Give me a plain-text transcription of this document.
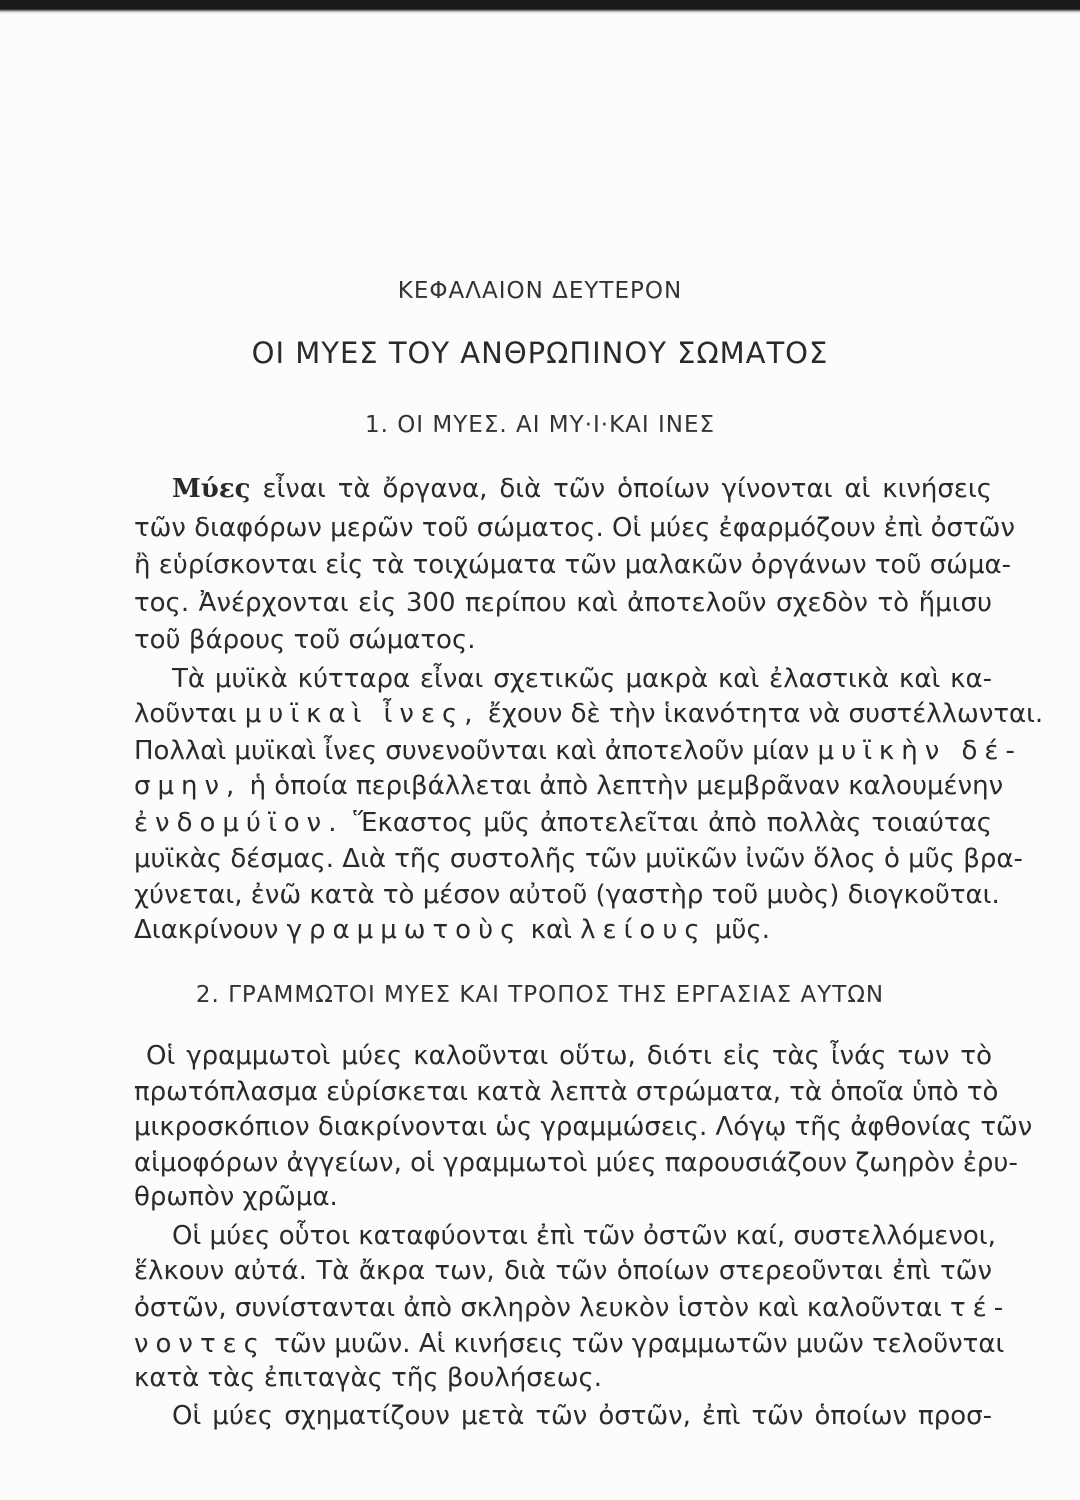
ΚΕΦΑΛΑΙΟΝ ΔΕΥΤΕΡΟΝ
ΟΙ ΜΥΕΣ ΤΟΥ ΑΝΘΡΩΠΙΝΟΥ ΣΩΜΑΤΟΣ
1. ΟΙ ΜΥΕΣ. ΑΙ ΜΥ·Ι·ΚΑΙ ΙΝΕΣ
Μύες εἶναι τὰ ὄργανα, διὰ τῶν ὁποίων γίνονται αἱ κινήσεις
τῶν διαφόρων μερῶν τοῦ σώματος. Οἱ μύες ἐφαρμόζουν ἐπὶ ὀστῶν
ἢ εὑρίσκονται εἰς τὰ τοιχώματα τῶν μαλακῶν ὀργάνων τοῦ σώμα-
τος. Ἀνέρχονται εἰς 300 περίπου καὶ ἀποτελοῦν σχεδὸν τὸ ἥμισυ
τοῦ βάρους τοῦ σώματος.
Τὰ μυϊκὰ κύτταρα εἶναι σχετικῶς μακρὰ καὶ ἐλαστικὰ καὶ κα-
λοῦνται μυϊκαὶ ἶνες, ἔχουν δὲ τὴν ἱκανότητα νὰ συστέλλωνται.
Πολλαὶ μυϊκαὶ ἶνες συνενοῦνται καὶ ἀποτελοῦν μίαν μυϊκὴν δέ-
σμην, ἡ ὁποία περιβάλλεται ἀπὸ λεπτὴν μεμβρᾶναν καλουμένην
ἐνδομύϊον. Ἕκαστος μῦς ἀποτελεῖται ἀπὸ πολλὰς τοιαύτας
μυϊκὰς δέσμας. Διὰ τῆς συστολῆς τῶν μυϊκῶν ἰνῶν ὅλος ὁ μῦς βρα-
χύνεται, ἐνῶ κατὰ τὸ μέσον αὐτοῦ (γαστὴρ τοῦ μυὸς) διογκοῦται.
Διακρίνουν γραμμωτοὺς καὶ λείους μῦς.
2. ΓΡΑΜΜΩΤΟΙ ΜΥΕΣ ΚΑΙ ΤΡΟΠΟΣ ΤΗΣ ΕΡΓΑΣΙΑΣ ΑΥΤΩΝ
Οἱ γραμμωτοὶ μύες καλοῦνται οὕτω, διότι εἰς τὰς ἶνάς των τὸ
πρωτόπλασμα εὑρίσκεται κατὰ λεπτὰ στρώματα, τὰ ὁποῖα ὑπὸ τὸ
μικροσκόπιον διακρίνονται ὡς γραμμώσεις. Λόγῳ τῆς ἀφθονίας τῶν
αἱμοφόρων ἀγγείων, οἱ γραμμωτοὶ μύες παρουσιάζουν ζωηρὸν ἐρυ-
θρωπὸν χρῶμα.
Οἱ μύες οὗτοι καταφύονται ἐπὶ τῶν ὀστῶν καί, συστελλόμενοι,
ἕλκουν αὐτά. Τὰ ἄκρα των, διὰ τῶν ὁποίων στερεοῦνται ἐπὶ τῶν
ὀστῶν, συνίστανται ἀπὸ σκληρὸν λευκὸν ἱστὸν καὶ καλοῦνται τέ-
νοντες τῶν μυῶν. Αἱ κινήσεις τῶν γραμμωτῶν μυῶν τελοῦνται
κατὰ τὰς ἐπιταγὰς τῆς βουλήσεως.
Οἱ μύες σχηματίζουν μετὰ τῶν ὀστῶν, ἐπὶ τῶν ὁποίων προσ-
